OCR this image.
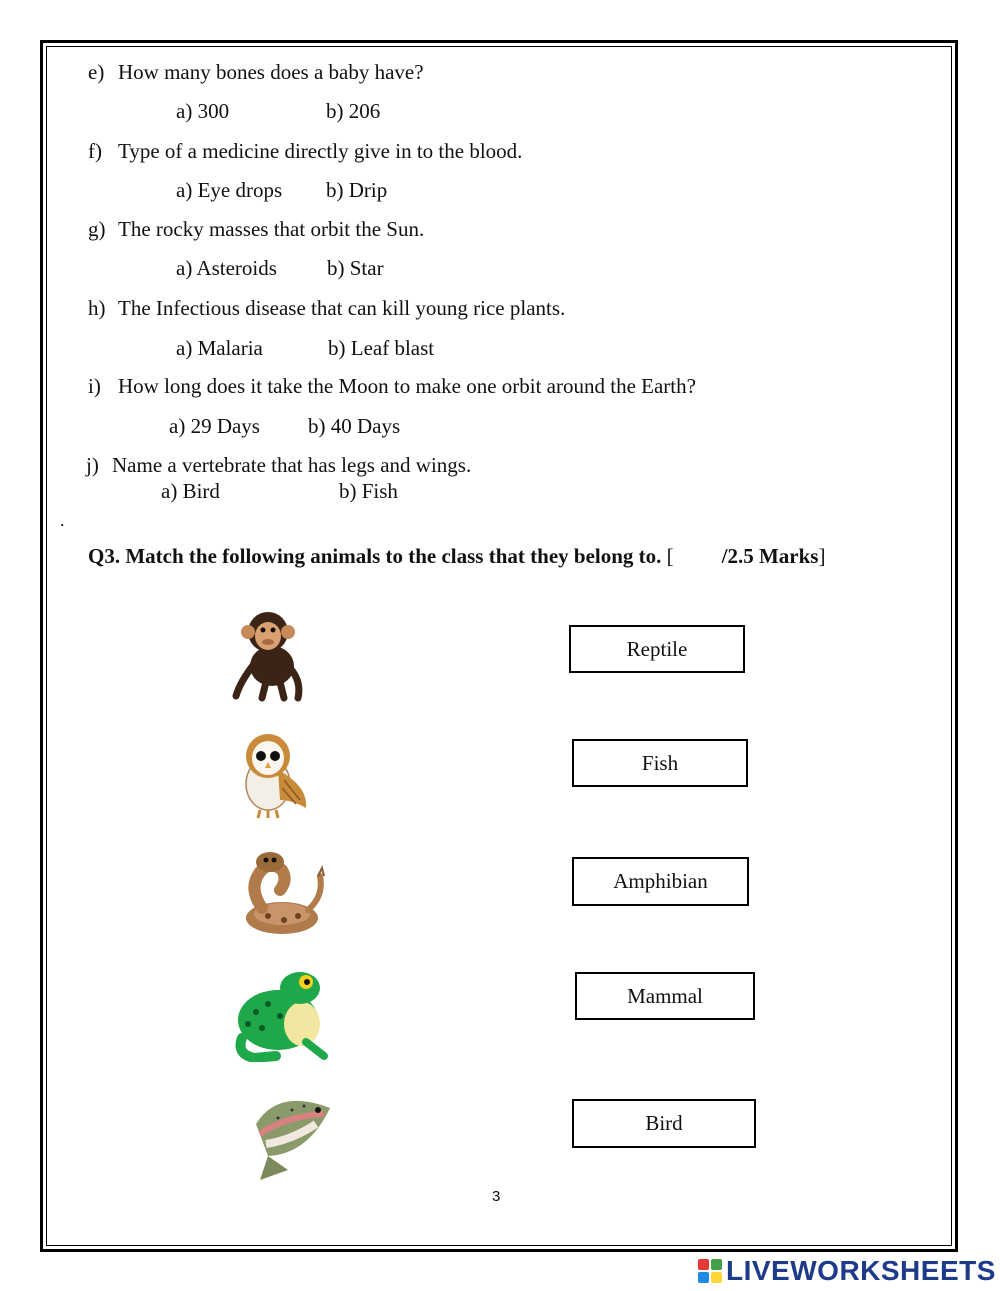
e) How many bones does a baby have?
a) 300	b) 206
f) Type of a medicine directly give in to the blood.
a) Eye drops b) Drip
g) The rocky masses that orbit the Sun.
a) Asteroids b) Star
h) The Infectious disease that can kill young rice plants.
a) Malaria	b) Leaf blast
i) How long does it take the Moon to make one orbit around the Earth?
a) 29 Days b) 40 Days
j) Name a vertebrate that has legs and wings.
a) Bird	b) Fish
.
Q3. Match the following animals to the class that they belong to. [ /2.5 Marks]
Reptile
Fish
Amphibian
Mammal
Bird
3
LIVEWORKSHEETS
